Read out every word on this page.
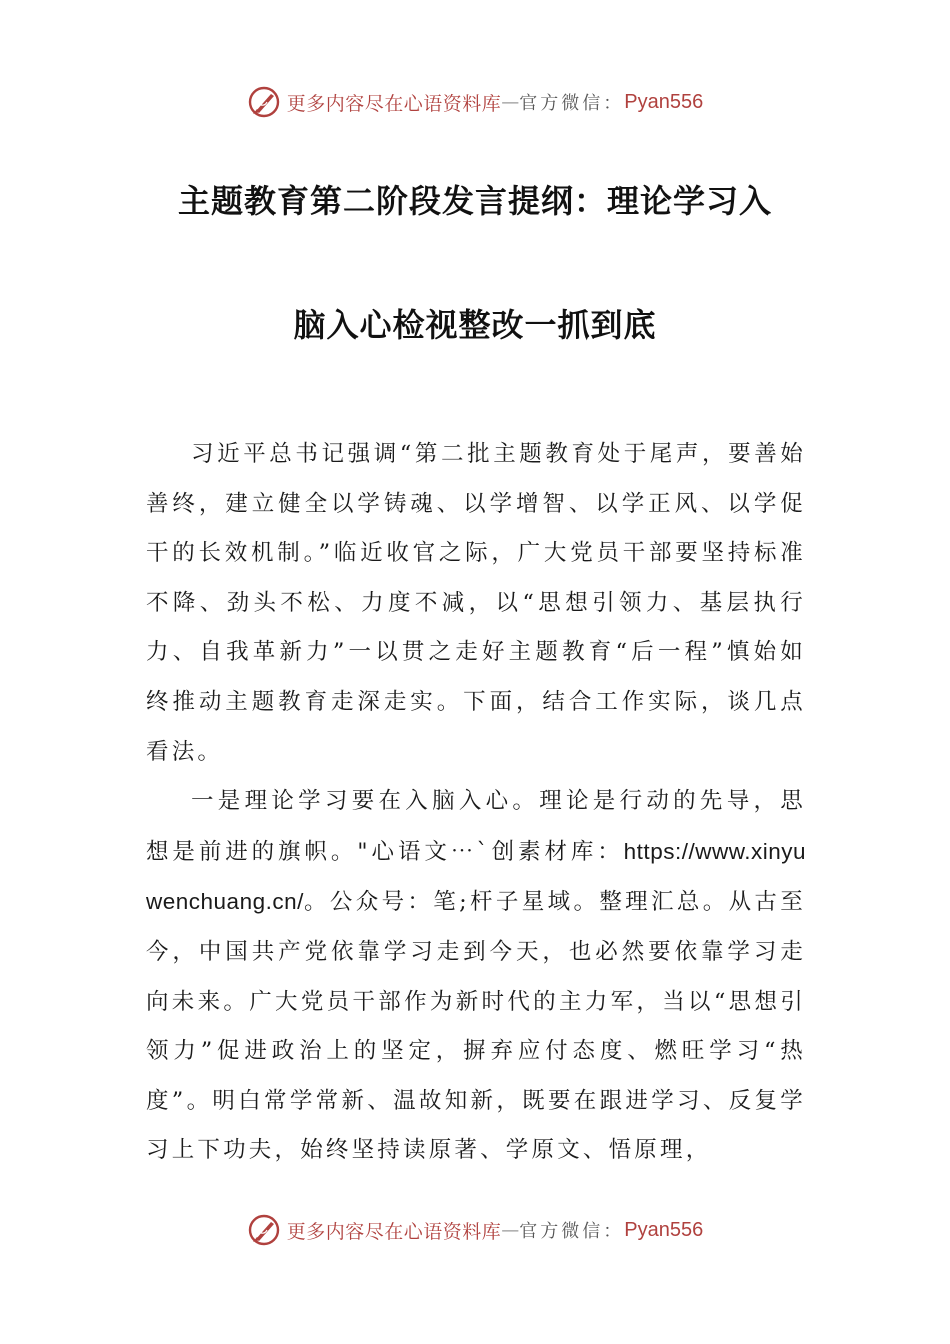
更多内容尽在心语资料库 — 官方微信： Pyan556
主题教育第二阶段发言提纲：理论学习入
脑入心检视整改一抓到底

习近平总书记强调“第二批主题教育处于尾声，要善始善终，建立健全以学铸魂、以学增智、以学正风、以学促干的长效机制。”临近收官之际，广大党员干部要坚持标准不降、劲头不松、力度不减，以“思想引领力、基层执行力、自我革新力”一以贯之走好主题教育“后一程”慎始如终推动主题教育走深走实。下面，结合工作实际，谈几点看法。

一是理论学习要在入脑入心。理论是行动的先导，思想是前进的旗帜。"心语文⋯`创素材库：https://www.xinyuwenchuang.cn/。公众号：笔;杆子星域。整理汇总。从古至今，中国共产党依靠学习走到今天，也必然要依靠学习走向未来。广大党员干部作为新时代的主力军，当以“思想引领力”促进政治上的坚定，摒弃应付态度、燃旺学习“热度”。明白常学常新、温故知新，既要在跟进学习、反复学习上下功夫，始终坚持读原著、学原文、悟原理，

更多内容尽在心语资料库 — 官方微信： Pyan556
